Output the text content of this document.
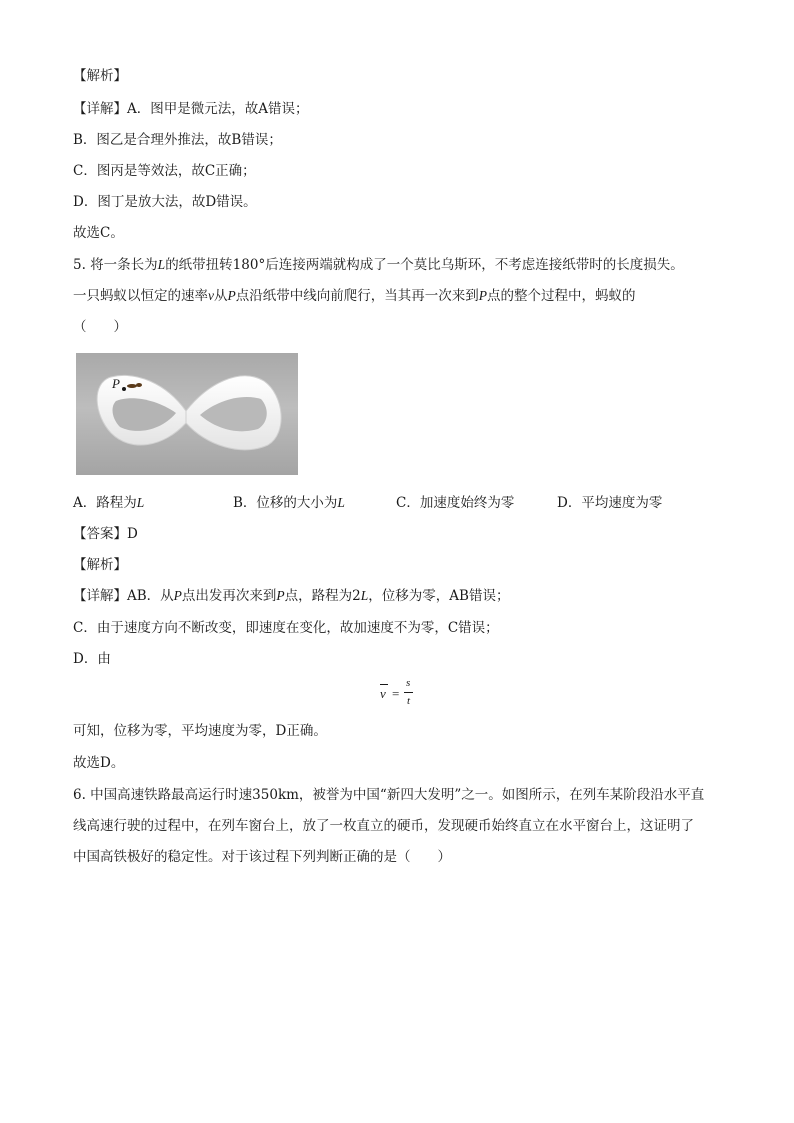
【解析】
【详解】A．图甲是微元法，故A错误；
B．图乙是合理外推法，故B错误；
C．图丙是等效法，故C正确；
D．图丁是放大法，故D错误。
故选C。
5. 将一条长为L的纸带扭转180°后连接两端就构成了一个莫比乌斯环，不考虑连接纸带时的长度损失。
一只蚂蚁以恒定的速率v从P点沿纸带中线向前爬行，当其再一次来到P点的整个过程中，蚂蚁的
（　　）
P
A．路程为L	B．位移的大小为L	C．加速度始终为零	D．平均速度为零
【答案】D
【解析】
【详解】AB．从P点出发再次来到P点，路程为2L，位移为零，AB错误；
C．由于速度方向不断改变，即速度在变化，故加速度不为零，C错误；
D．由
v =
s
t
可知，位移为零，平均速度为零，D正确。
故选D。
6. 中国高速铁路最高运行时速350km，被誉为中国“新四大发明”之一。如图所示，在列车某阶段沿水平直
线高速行驶的过程中，在列车窗台上，放了一枚直立的硬币，发现硬币始终直立在水平窗台上，这证明了
中国高铁极好的稳定性。对于该过程下列判断正确的是（　　）
